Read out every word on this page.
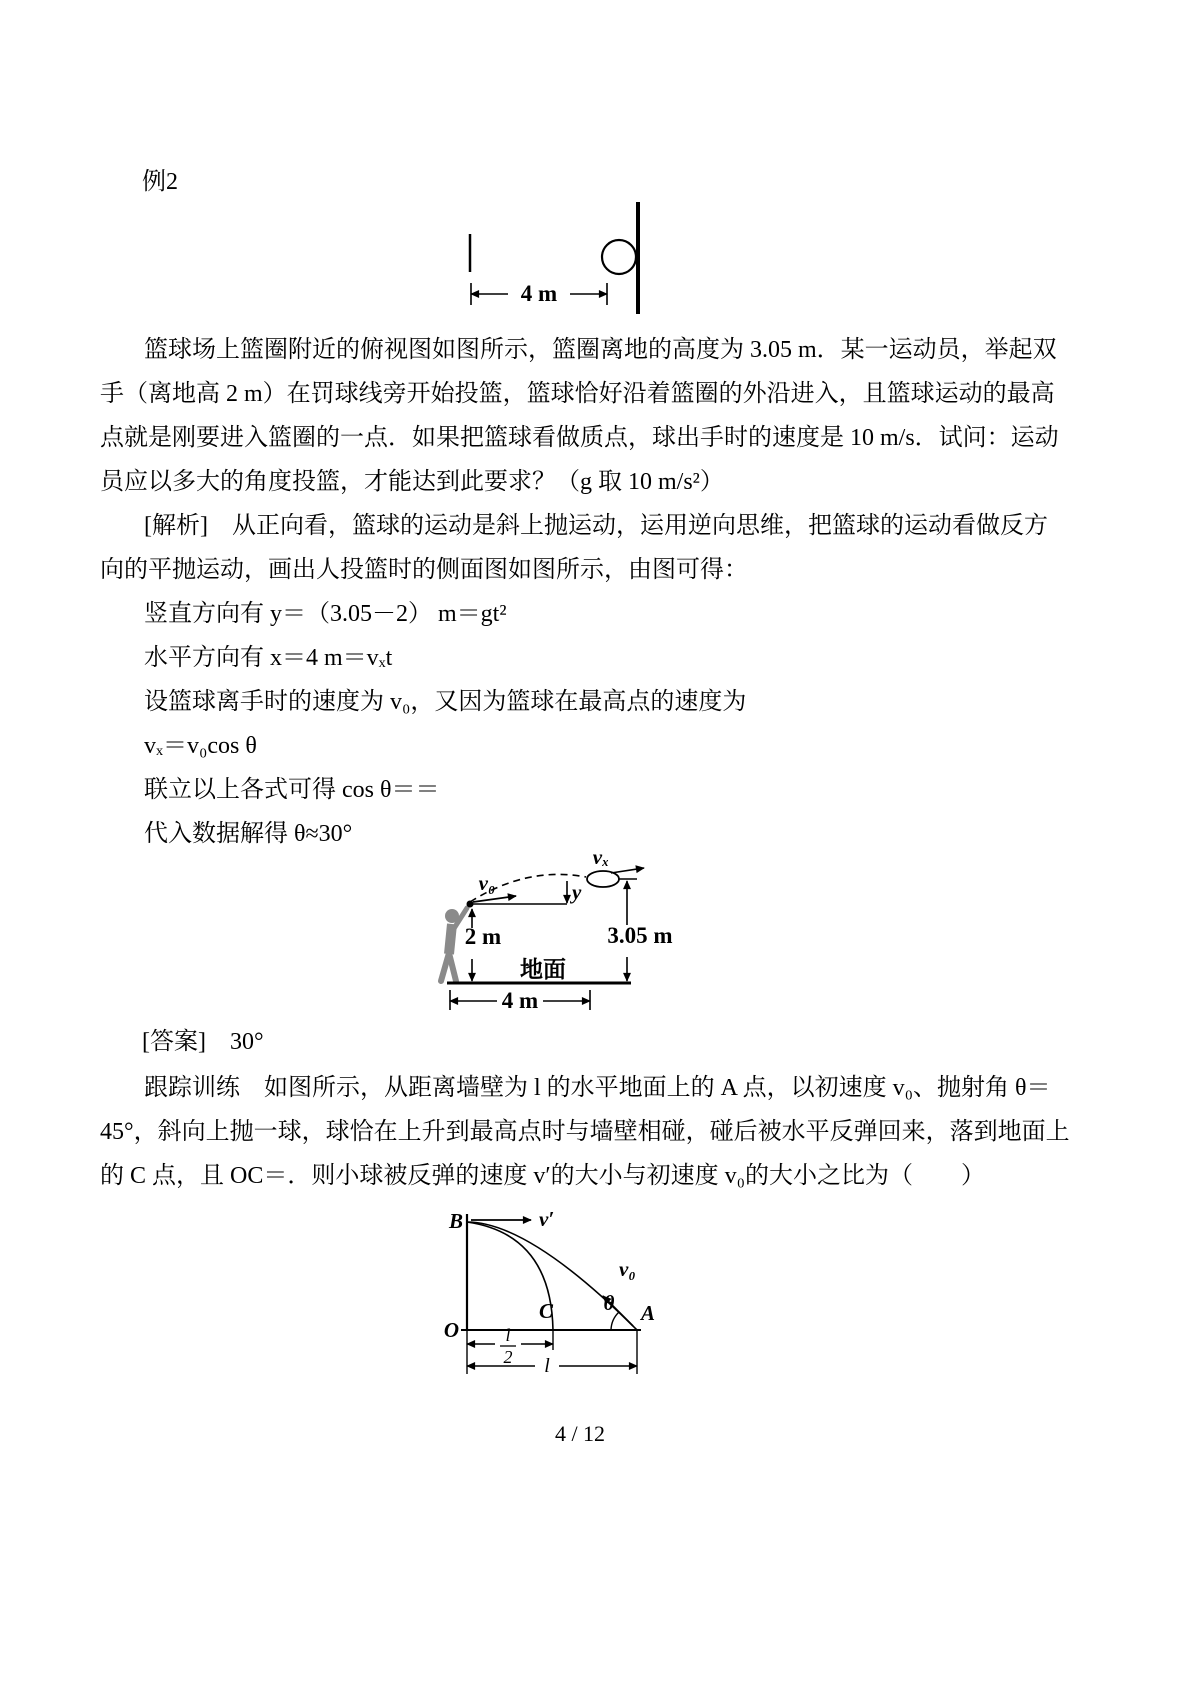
例2
4 m
篮球场上篮圈附近的俯视图如图所示，篮圈离地的高度为 3.05 m．某一运动员，举起双
手（离地高 2 m）在罚球线旁开始投篮，篮球恰好沿着篮圈的外沿进入，且篮球运动的最高
点就是刚要进入篮圈的一点．如果把篮球看做质点，球出手时的速度是 10 m/s．试问：运动
员应以多大的角度投篮，才能达到此要求？（g 取 10 m/s²）
[解析]　从正向看，篮球的运动是斜上抛运动，运用逆向思维，把篮球的运动看做反方
向的平抛运动，画出人投篮时的侧面图如图所示，由图可得：
竖直方向有 y＝（3.05－2） m＝gt²
水平方向有 x＝4 m＝vₓt
设篮球离手时的速度为 v₀，又因为篮球在最高点的速度为
vₓ＝v₀cos θ
联立以上各式可得 cos θ＝＝
代入数据解得 θ≈30°
v₀
vₓ
y
2 m
地面
3.05 m
4 m
[答案]　30°
跟踪训练　如图所示，从距离墙壁为 l 的水平地面上的 A 点，以初速度 v₀、抛射角 θ＝
45°，斜向上抛一球，球恰在上升到最高点时与墙壁相碰，碰后被水平反弹回来，落到地面上
的 C 点，且 OC＝．则小球被反弹的速度 v′的大小与初速度 v₀的大小之比为（　　）
B	v′
v₀
θ A
C
O	l
2 l
4 / 12
